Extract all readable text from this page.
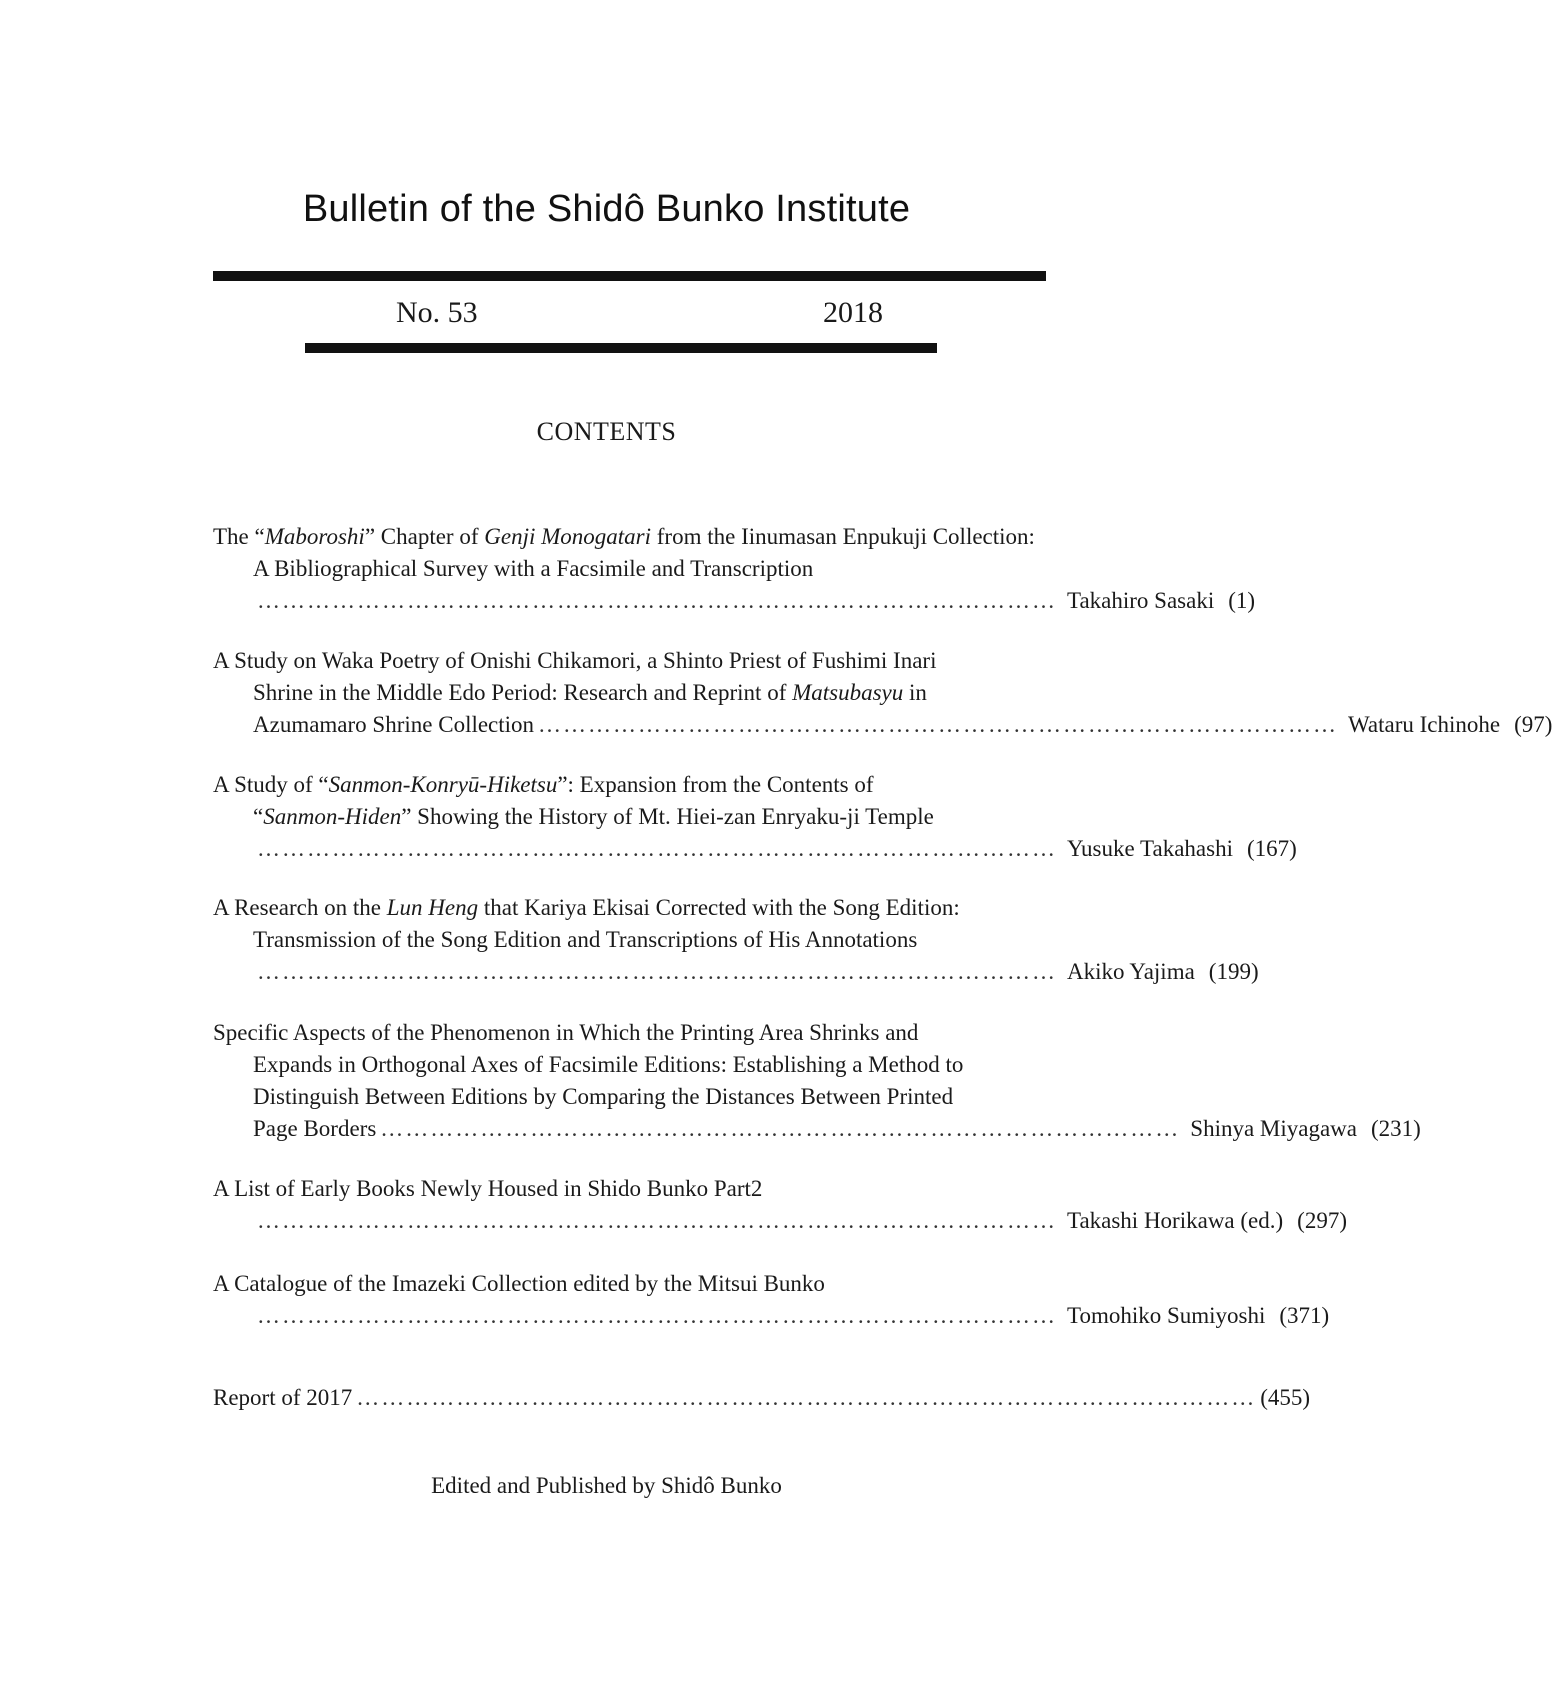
Bulletin of the Shidô Bunko Institute
No. 53	2018
CONTENTS
The “Maboroshi” Chapter of Genji Monogatari from the Iinumasan Enpukuji Collection:
A Bibliographical Survey with a Facsimile and Transcription
…………………………………………………………………………………… Takahiro Sasaki (1)
A Study on Waka Poetry of Onishi Chikamori, a Shinto Priest of Fushimi Inari
Shrine in the Middle Edo Period: Research and Reprint of Matsubasyu in
Azumamaro Shrine Collection …………………………………………………………………………………… Wataru Ichinohe (97)
A Study of “Sanmon-Konryū-Hiketsu”: Expansion from the Contents of
“Sanmon-Hiden” Showing the History of Mt. Hiei-zan Enryaku-ji Temple
…………………………………………………………………………………… Yusuke Takahashi (167)
A Research on the Lun Heng that Kariya Ekisai Corrected with the Song Edition:
Transmission of the Song Edition and Transcriptions of His Annotations
…………………………………………………………………………………… Akiko Yajima (199)
Specific Aspects of the Phenomenon in Which the Printing Area Shrinks and
Expands in Orthogonal Axes of Facsimile Editions: Establishing a Method to
Distinguish Between Editions by Comparing the Distances Between Printed
Page Borders …………………………………………………………………………………… Shinya Miyagawa (231)
A List of Early Books Newly Housed in Shido Bunko Part2
…………………………………………………………………………………… Takashi Horikawa (ed.) (297)
A Catalogue of the Imazeki Collection edited by the Mitsui Bunko
…………………………………………………………………………………… Tomohiko Sumiyoshi (371)
Report of 2017 ……………………………………………………………………………………………… (455)
Edited and Published by Shidô Bunko
